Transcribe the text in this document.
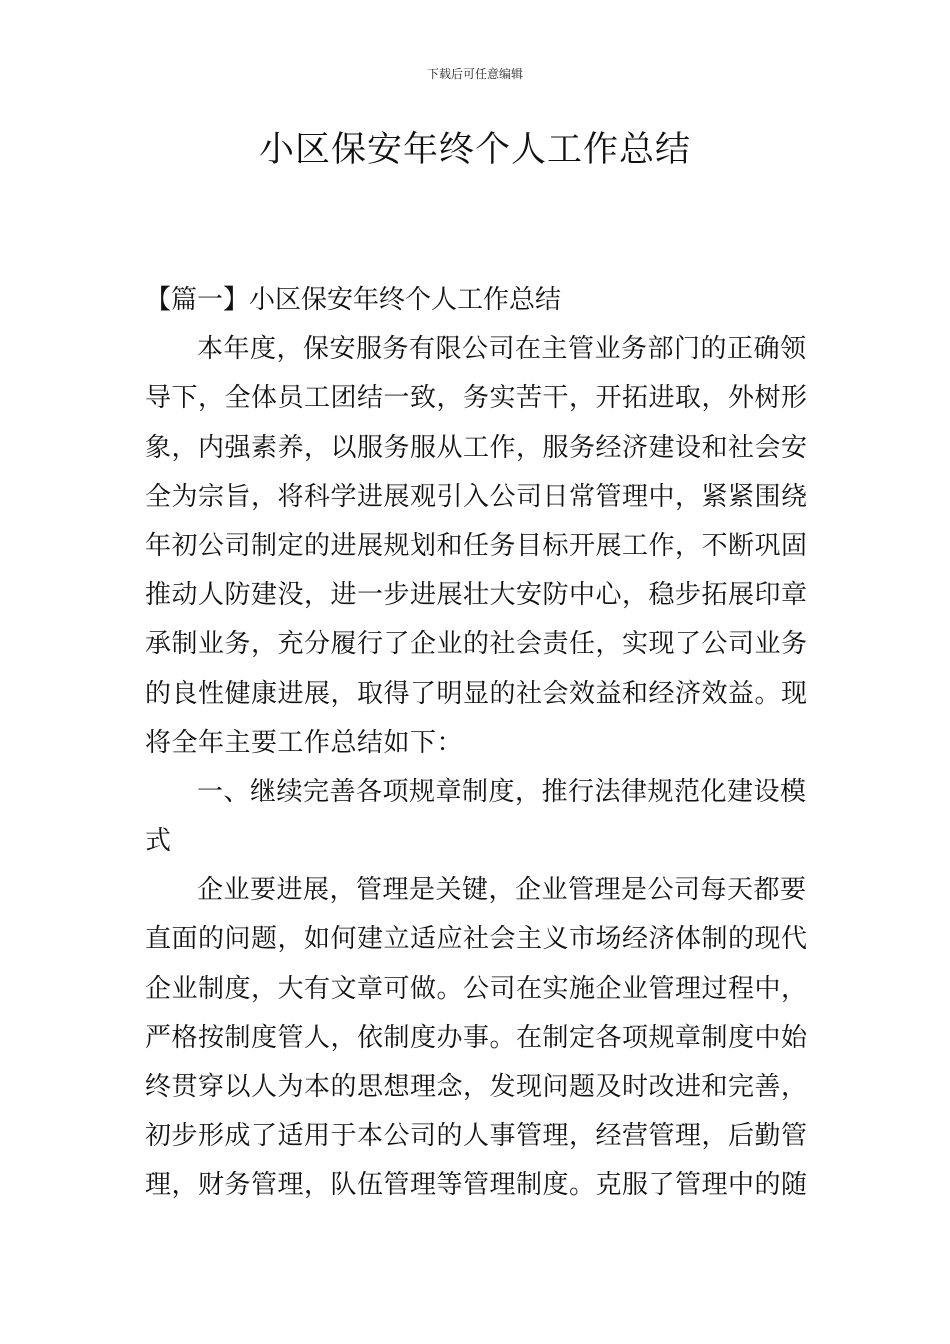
下载后可任意编辑
小区保安年终个人工作总结
【篇一】小区保安年终个人工作总结
本年度，保安服务有限公司在主管业务部门的正确领
导下，全体员工团结一致，务实苦干，开拓进取，外树形
象，内强素养，以服务服从工作，服务经济建设和社会安
全为宗旨，将科学进展观引入公司日常管理中，紧紧围绕
年初公司制定的进展规划和任务目标开展工作，不断巩固
推动人防建没，进一步进展壮大安防中心，稳步拓展印章
承制业务，充分履行了企业的社会责任，实现了公司业务
的良性健康进展，取得了明显的社会效益和经济效益。现
将全年主要工作总结如下：
一、继续完善各项规章制度，推行法律规范化建设模
式
企业要进展，管理是关键，企业管理是公司每天都要
直面的问题，如何建立适应社会主义市场经济体制的现代
企业制度，大有文章可做。公司在实施企业管理过程中，
严格按制度管人，依制度办事。在制定各项规章制度中始
终贯穿以人为本的思想理念，发现问题及时改进和完善，
初步形成了适用于本公司的人事管理，经营管理，后勤管
理，财务管理，队伍管理等管理制度。克服了管理中的随
